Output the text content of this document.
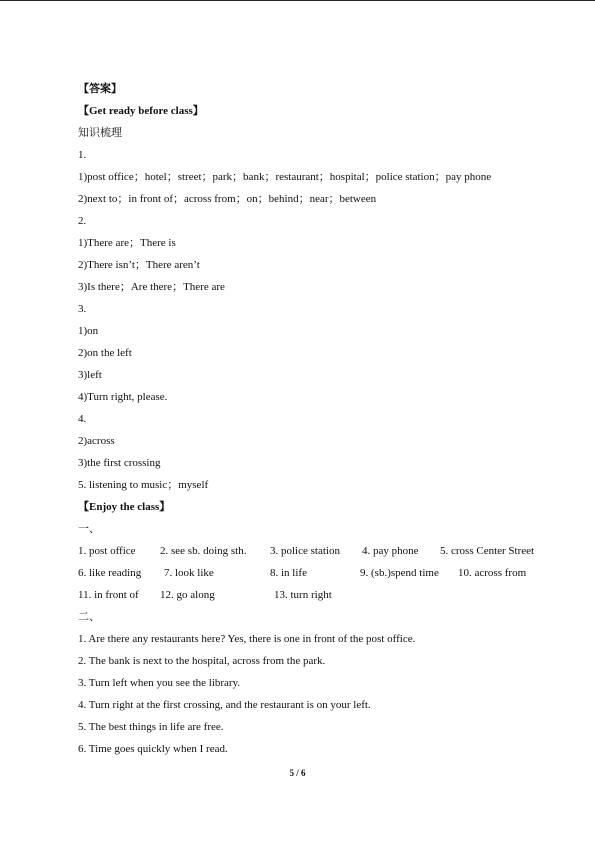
【答案】
【Get ready before class】
知识梳理
1.
1)post office；hotel；street；park；bank；restaurant；hospital；police station；pay phone
2)next to；in front of；across from；on；behind；near；between
2.
1)There are；There is
2)There isn’t；There aren’t
3)Is there；Are there；There are
3.
1)on
2)on the left
3)left
4)Turn right, please.
4.
2)across
3)the first crossing
5. listening to music；myself
【Enjoy the class】
一、
1. post office 2. see sb. doing sth. 3. police station 4. pay phone 5. cross Center Street
6. like reading 7. look like	8. in life	9. (sb.)spend time 10. across from
11. in front of 12. go along	13. turn right
二、
1. Are there any restaurants here? Yes, there is one in front of the post office.
2. The bank is next to the hospital, across from the park.
3. Turn left when you see the library.
4. Turn right at the first crossing, and the restaurant is on your left.
5. The best things in life are free.
6. Time goes quickly when I read.
5 / 6
